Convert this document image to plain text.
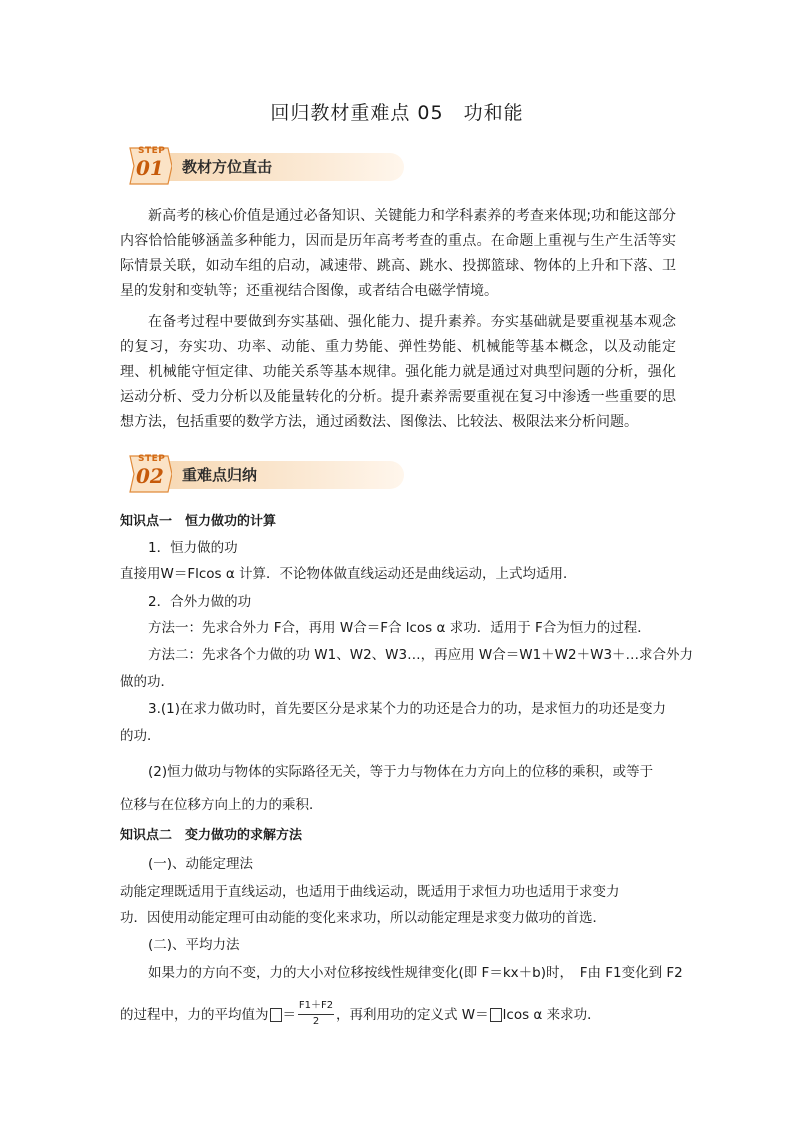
回归教材重难点 05　功和能
STEP
01 教材方位直击
新高考的核心价值是通过必备知识、关键能力和学科素养的考查来体现;功和能这部分内容恰恰能够涵盖多种能力，因而是历年高考考查的重点。在命题上重视与生产生活等实际情景关联，如动车组的启动，减速带、跳高、跳水、投掷篮球、物体的上升和下落、卫星的发射和变轨等；还重视结合图像，或者结合电磁学情境。
在备考过程中要做到夯实基础、强化能力、提升素养。夯实基础就是要重视基本观念的复习，夯实功、功率、动能、重力势能、弹性势能、机械能等基本概念，以及动能定理、机械能守恒定律、功能关系等基本规律。强化能力就是通过对典型问题的分析，强化运动分析、受力分析以及能量转化的分析。提升素养需要重视在复习中渗透一些重要的思想方法，包括重要的数学方法，通过函数法、图像法、比较法、极限法来分析问题。
STEP
02 重难点归纳
知识点一　恒力做功的计算
1．恒力做的功
直接用W＝Flcos α 计算．不论物体做直线运动还是曲线运动，上式均适用．
2．合外力做的功
方法一：先求合外力 F合，再用 W合＝F合 lcos α 求功．适用于 F合为恒力的过程．
方法二：先求各个力做的功 W1、W2、W3…，再应用 W合＝W1＋W2＋W3＋…求合外力
做的功．
3.(1)在求力做功时，首先要区分是求某个力的功还是合力的功，是求恒力的功还是变力
的功．
(2)恒力做功与物体的实际路径无关，等于力与物体在力方向上的位移的乘积，或等于
位移与在位移方向上的力的乘积．
知识点二　变力做功的求解方法
(一)、动能定理法
动能定理既适用于直线运动，也适用于曲线运动，既适用于求恒力功也适用于求变力
功．因使用动能定理可由动能的变化来求功，所以动能定理是求变力做功的首选．
(二)、平均力法
如果力的方向不变，力的大小对位移按线性规律变化(即 F＝kx＋b)时，　F由 F1变化到 F2
的过程中，力的平均值为 ＝ $\frac{F1+F2}{2}$ ，再利用功的定义式 W＝ lcos α 来求功．
